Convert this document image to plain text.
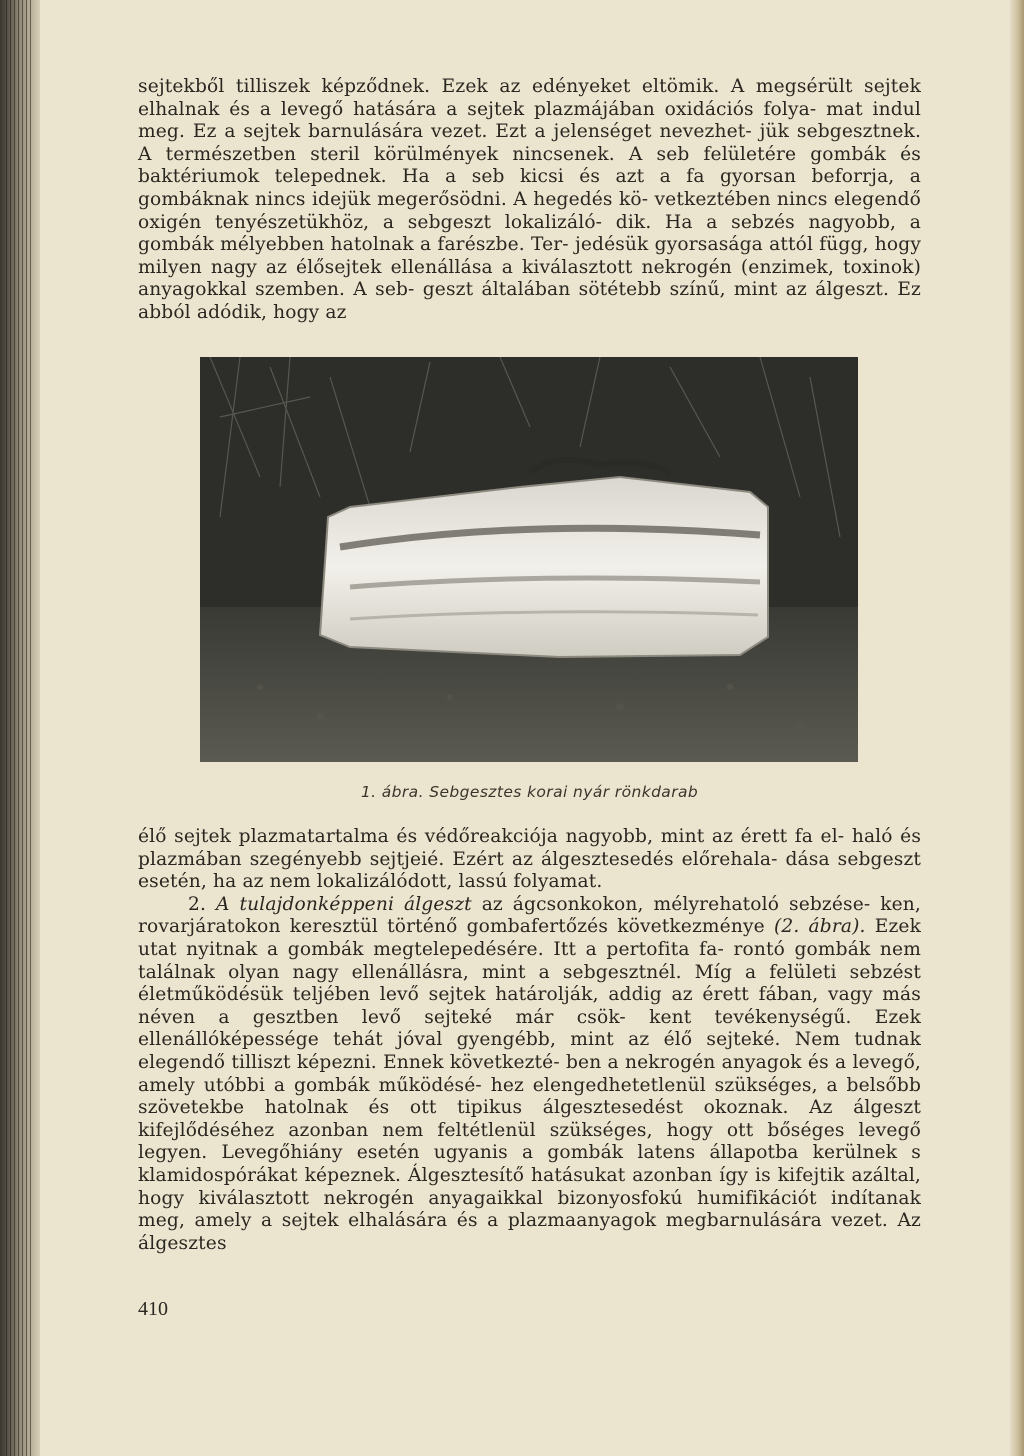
sejtekből tilliszek képződnek. Ezek az edényeket eltömik. A megsérült sejtek elhalnak és a levegő hatására a sejtek plazmájában oxidációs folya- mat indul meg. Ez a sejtek barnulására vezet. Ezt a jelenséget nevezhet- jük sebgesztnek. A természetben steril körülmények nincsenek. A seb felületére gombák és baktériumok telepednek. Ha a seb kicsi és azt a fa gyorsan beforrja, a gombáknak nincs idejük megerősödni. A hegedés kö- vetkeztében nincs elegendő oxigén tenyészetükhöz, a sebgeszt lokalizáló- dik. Ha a sebzés nagyobb, a gombák mélyebben hatolnak a farészbe. Ter- jedésük gyorsasága attól függ, hogy milyen nagy az élősejtek ellenállása a kiválasztott nekrogén (enzimek, toxinok) anyagokkal szemben. A seb- geszt általában sötétebb színű, mint az álgeszt. Ez abból adódik, hogy az

1. ábra. Sebgesztes korai nyár rönkdarab

élő sejtek plazmatartalma és védőreakciója nagyobb, mint az érett fa el- haló és plazmában szegényebb sejtjeié. Ezért az álgesztesedés előrehala- dása sebgeszt esetén, ha az nem lokalizálódott, lassú folyamat.

2. A tulajdonképpeni álgeszt az ágcsonkokon, mélyrehatoló sebzése- ken, rovarjáratokon keresztül történő gombafertőzés következménye (2. ábra). Ezek utat nyitnak a gombák megtelepedésére. Itt a pertofita fa- rontó gombák nem találnak olyan nagy ellenállásra, mint a sebgesztnél. Míg a felületi sebzést életműködésük teljében levő sejtek határolják, addig az érett fában, vagy más néven a gesztben levő sejteké már csök- kent tevékenységű. Ezek ellenállóképessége tehát jóval gyengébb, mint az élő sejteké. Nem tudnak elegendő tilliszt képezni. Ennek következté- ben a nekrogén anyagok és a levegő, amely utóbbi a gombák működésé- hez elengedhetetlenül szükséges, a belsőbb szövetekbe hatolnak és ott tipikus álgesztesedést okoznak. Az álgeszt kifejlődéséhez azonban nem feltétlenül szükséges, hogy ott bőséges levegő legyen. Levegőhiány esetén ugyanis a gombák latens állapotba kerülnek s klamidospórákat képeznek. Álgesztesítő hatásukat azonban így is kifejtik azáltal, hogy kiválasztott nekrogén anyagaikkal bizonyosfokú humifikációt indítanak meg, amely a sejtek elhalására és a plazmaanyagok megbarnulására vezet. Az álgesztes

410
